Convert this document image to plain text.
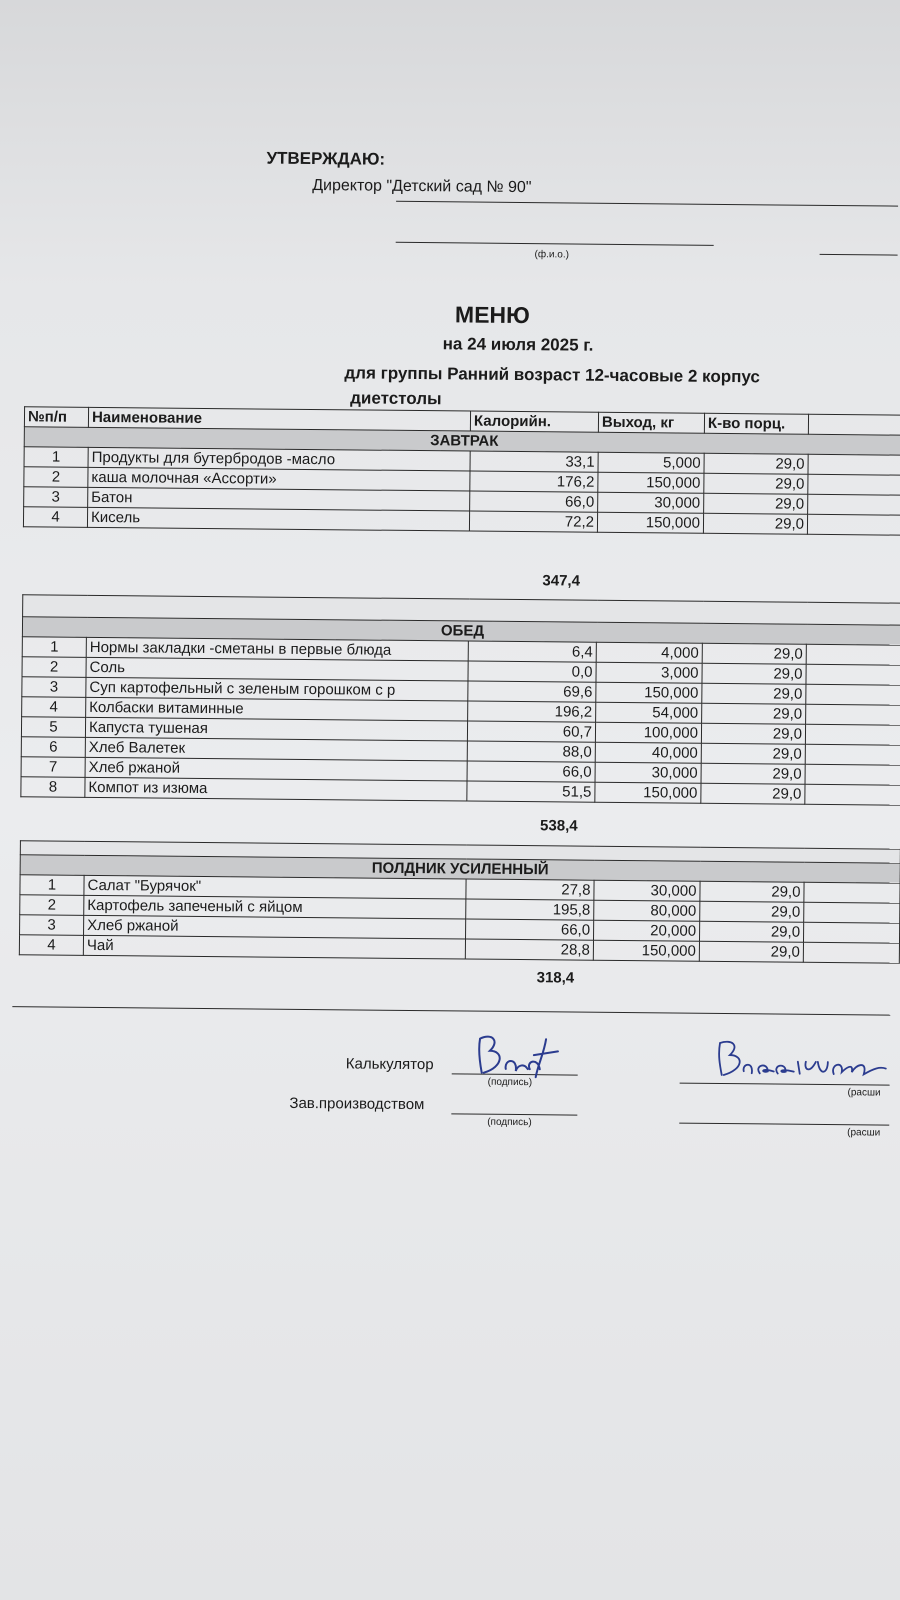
УТВЕРЖДАЮ:
Директор "Детский сад № 90"
(ф.и.о.)
МЕНЮ
на 24 июля 2025 г.
для группы Ранний возраст 12-часовые 2 корпус
диетстолы
№п/п	Наименование	Калорийн.	Выход, кг	К-во порц.	
ЗАВТРАК					
1	Продукты для бутербродов -масло	33,1	5,000	29,0	
2	каша молочная «Ассорти»	176,2	150,000	29,0	
3	Батон	66,0	30,000	29,0	
4	Кисель	72,2	150,000	29,0	
347,4

ОБЕД					
1	Нормы закладки -сметаны в первые блюда	6,4	4,000	29,0	
2	Соль	0,0	3,000	29,0	
3	Суп картофельный с зеленым горошком с р	69,6	150,000	29,0	
4	Колбаски витаминные	196,2	54,000	29,0	
5	Капуста тушеная	60,7	100,000	29,0	
6	Хлеб Валетек	88,0	40,000	29,0	
7	Хлеб ржаной	66,0	30,000	29,0	
8	Компот из изюма	51,5	150,000	29,0	
538,4

ПОЛДНИК УСИЛЕННЫЙ					
1	Салат "Бурячок"	27,8	30,000	29,0	
2	Картофель запеченый с яйцом	195,8	80,000	29,0	
3	Хлеб ржаной	66,0	20,000	29,0	
4	Чай	28,8	150,000	29,0	
318,4
Калькулятор
(подпись)
(расши
Зав.производством
(подпись)
(расши
